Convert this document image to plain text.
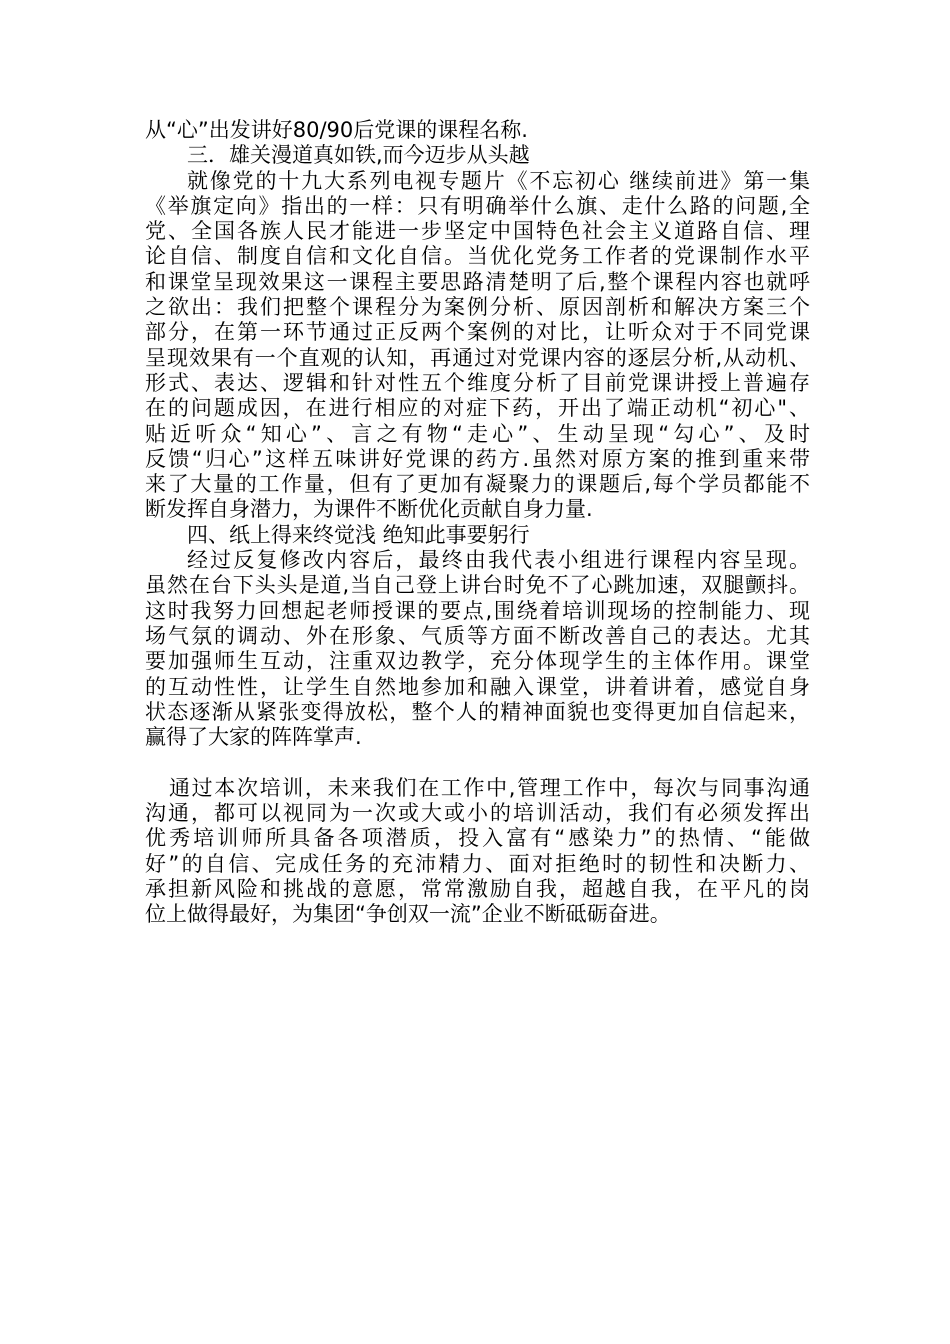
从“心”出发讲好80/90后党课的课程名称.
三．雄关漫道真如铁,而今迈步从头越
就像党的十九大系列电视专题片《不忘初心 继续前进》第一集
《举旗定向》指出的一样：只有明确举什么旗、走什么路的问题,全
党、全国各族人民才能进一步坚定中国特色社会主义道路自信、理
论自信、制度自信和文化自信。当优化党务工作者的党课制作水平
和课堂呈现效果这一课程主要思路清楚明了后,整个课程内容也就呼
之欲出：我们把整个课程分为案例分析、原因剖析和解决方案三个
部分，在第一环节通过正反两个案例的对比，让听众对于不同党课
呈现效果有一个直观的认知，再通过对党课内容的逐层分析,从动机、
形式、表达、逻辑和针对性五个维度分析了目前党课讲授上普遍存
在的问题成因，在进行相应的对症下药，开出了端正动机“初心"、
贴近听众“知心”、言之有物“走心”、生动呈现“勾心”、及时
反馈“归心”这样五味讲好党课的药方.虽然对原方案的推到重来带
来了大量的工作量，但有了更加有凝聚力的课题后,每个学员都能不
断发挥自身潜力，为课件不断优化贡献自身力量.
四、纸上得来终觉浅 绝知此事要躬行
经过反复修改内容后，最终由我代表小组进行课程内容呈现。
虽然在台下头头是道,当自己登上讲台时免不了心跳加速，双腿颤抖。
这时我努力回想起老师授课的要点,围绕着培训现场的控制能力、现
场气氛的调动、外在形象、气质等方面不断改善自己的表达。尤其
要加强师生互动，注重双边教学，充分体现学生的主体作用。课堂
的互动性性，让学生自然地参加和融入课堂，讲着讲着，感觉自身
状态逐渐从紧张变得放松，整个人的精神面貌也变得更加自信起来，
赢得了大家的阵阵掌声.
通过本次培训，未来我们在工作中,管理工作中，每次与同事沟通
沟通，都可以视同为一次或大或小的培训活动，我们有必须发挥出
优秀培训师所具备各项潜质，投入富有“感染力”的热情、“能做
好”的自信、完成任务的充沛精力、面对拒绝时的韧性和决断力、
承担新风险和挑战的意愿，常常激励自我，超越自我，在平凡的岗
位上做得最好，为集团“争创双一流”企业不断砥砺奋进。
